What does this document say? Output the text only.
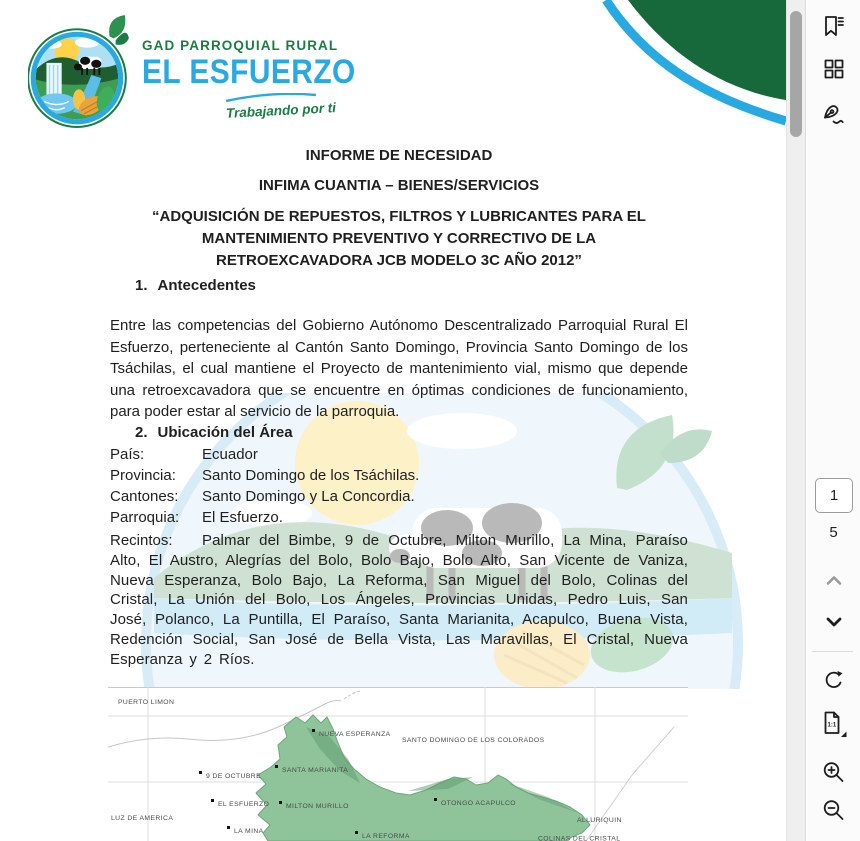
GAD PARROQUIAL RURAL
EL ESFUERZO
Trabajando por ti
INFORME DE NECESIDAD
INFIMA CUANTIA – BIENES/SERVICIOS
“ADQUISICIÓN DE REPUESTOS, FILTROS Y LUBRICANTES PARA EL
MANTENIMIENTO PREVENTIVO Y CORRECTIVO DE LA
RETROEXCAVADORA JCB MODELO 3C AÑO 2012”
1. Antecedentes

Entre las competencias del Gobierno Autónomo Descentralizado Parroquial Rural El Esfuerzo, perteneciente al Cantón Santo Domingo, Provincia Santo Domingo de los Tsáchilas, el cual mantiene el Proyecto de mantenimiento vial, mismo que depende una retroexcavadora que se encuentre en óptimas condiciones de funcionamiento, para poder estar al servicio de la parroquia.

2. Ubicación del Área
País:	Ecuador
Provincia: Santo Domingo de los Tsáchilas.
Cantones: Santo Domingo y La Concordia.
Parroquia: El Esfuerzo.

Recintos: Palmar del Bimbe, 9 de Octubre, Milton Murillo, La Mina, Paraíso Alto, El Austro, Alegrías del Bolo, Bolo Bajo, Bolo Alto, San Vicente de Vaniza, Nueva Esperanza, Bolo Bajo, La Reforma, San Miguel del Bolo, Colinas del Cristal, La Unión del Bolo, Los Ángeles, Provincias Unidas, Pedro Luis, San José, Polanco, La Puntilla, El Paraíso, Santa Marianita, Acapulco, Buena Vista, Redención Social, San José de Bella Vista, Las Maravillas, El Cristal, Nueva Esperanza y 2 Ríos.

PUERTO LIMON
NUEVA ESPERANZA
SANTO DOMINGO DE LOS COLORADOS
SANTA MARIANITA
9 DE OCTUBRE
EL ESFUERZO MILTON MURILLO
LUZ DE AMERICA
LA MINA
LA REFORMA
OTONGO ACAPULCO
ALLURIQUIN
COLINAS DEL CRISTAL
1
5
1:1
